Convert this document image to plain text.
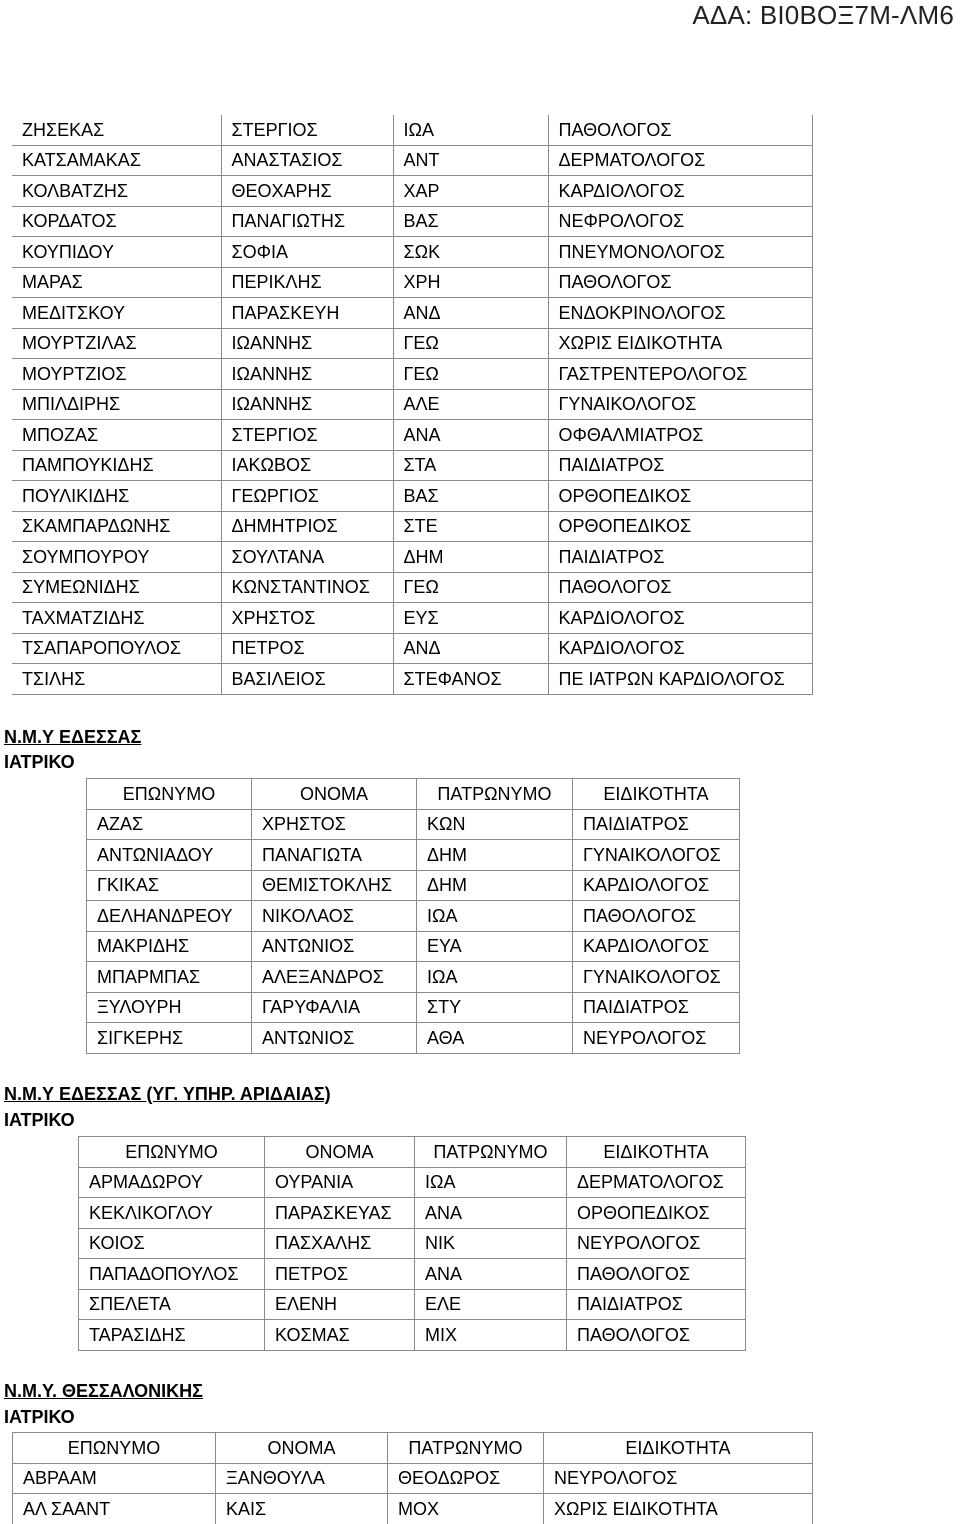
ΑΔΑ: ΒΙ0ΒΟΞ7Μ-ΛΜ6
ΖΗΣΕΚΑΣ	ΣΤΕΡΓΙΟΣ	ΙΩΑ	ΠΑΘΟΛΟΓΟΣ
ΚΑΤΣΑΜΑΚΑΣ	ΑΝΑΣΤΑΣΙΟΣ	ΑΝΤ	ΔΕΡΜΑΤΟΛΟΓΟΣ
ΚΟΛΒΑΤΖΗΣ	ΘΕΟΧΑΡΗΣ	ΧΑΡ	ΚΑΡΔΙΟΛΟΓΟΣ
ΚΟΡΔΑΤΟΣ	ΠΑΝΑΓΙΩΤΗΣ	ΒΑΣ	ΝΕΦΡΟΛΟΓΟΣ
ΚΟΥΠΙΔΟΥ	ΣΟΦΙΑ	ΣΩΚ	ΠΝΕΥΜΟΝΟΛΟΓΟΣ
ΜΑΡΑΣ	ΠΕΡΙΚΛΗΣ	ΧΡΗ	ΠΑΘΟΛΟΓΟΣ
ΜΕΔΙΤΣΚΟΥ	ΠΑΡΑΣΚΕΥΗ	ΑΝΔ	ΕΝΔΟΚΡΙΝΟΛΟΓΟΣ
ΜΟΥΡΤΖΙΛΑΣ	ΙΩΑΝΝΗΣ	ΓΕΩ	ΧΩΡΙΣ ΕΙΔΙΚΟΤΗΤΑ
ΜΟΥΡΤΖΙΟΣ	ΙΩΑΝΝΗΣ	ΓΕΩ	ΓΑΣΤΡΕΝΤΕΡΟΛΟΓΟΣ
ΜΠΙΛΔΙΡΗΣ	ΙΩΑΝΝΗΣ	ΑΛΕ	ΓΥΝΑΙΚΟΛΟΓΟΣ
ΜΠΟΖΑΣ	ΣΤΕΡΓΙΟΣ	ΑΝΑ	ΟΦΘΑΛΜΙΑΤΡΟΣ
ΠΑΜΠΟΥΚΙΔΗΣ	ΙΑΚΩΒΟΣ	ΣΤΑ	ΠΑΙΔΙΑΤΡΟΣ
ΠΟΥΛΙΚΙΔΗΣ	ΓΕΩΡΓΙΟΣ	ΒΑΣ	ΟΡΘΟΠΕΔΙΚΟΣ
ΣΚΑΜΠΑΡΔΩΝΗΣ	ΔΗΜΗΤΡΙΟΣ	ΣΤΕ	ΟΡΘΟΠΕΔΙΚΟΣ
ΣΟΥΜΠΟΥΡΟΥ	ΣΟΥΛΤΑΝΑ	ΔΗΜ	ΠΑΙΔΙΑΤΡΟΣ
ΣΥΜΕΩΝΙΔΗΣ	ΚΩΝΣΤΑΝΤΙΝΟΣ	ΓΕΩ	ΠΑΘΟΛΟΓΟΣ
ΤΑΧΜΑΤΖΙΔΗΣ	ΧΡΗΣΤΟΣ	ΕΥΣ	ΚΑΡΔΙΟΛΟΓΟΣ
ΤΣΑΠΑΡΟΠΟΥΛΟΣ	ΠΕΤΡΟΣ	ΑΝΔ	ΚΑΡΔΙΟΛΟΓΟΣ
ΤΣΙΛΗΣ	ΒΑΣΙΛΕΙΟΣ	ΣΤΕΦΑΝΟΣ	ΠΕ ΙΑΤΡΩΝ ΚΑΡΔΙΟΛΟΓΟΣ
Ν.Μ.Υ ΕΔΕΣΣΑΣ
ΙΑΤΡΙΚΟ
ΕΠΩΝΥΜΟ	ΟΝΟΜΑ	ΠΑΤΡΩΝΥΜΟ	ΕΙΔΙΚΟΤΗΤΑ
ΑΖΑΣ	ΧΡΗΣΤΟΣ	ΚΩΝ	ΠΑΙΔΙΑΤΡΟΣ
ΑΝΤΩΝΙΑΔΟΥ	ΠΑΝΑΓΙΩΤΑ	ΔΗΜ	ΓΥΝΑΙΚΟΛΟΓΟΣ
ΓΚΙΚΑΣ	ΘΕΜΙΣΤΟΚΛΗΣ	ΔΗΜ	ΚΑΡΔΙΟΛΟΓΟΣ
ΔΕΛΗΑΝΔΡΕΟΥ	ΝΙΚΟΛΑΟΣ	ΙΩΑ	ΠΑΘΟΛΟΓΟΣ
ΜΑΚΡΙΔΗΣ	ΑΝΤΩΝΙΟΣ	ΕΥΑ	ΚΑΡΔΙΟΛΟΓΟΣ
ΜΠΑΡΜΠΑΣ	ΑΛΕΞΑΝΔΡΟΣ	ΙΩΑ	ΓΥΝΑΙΚΟΛΟΓΟΣ
ΞΥΛΟΥΡΗ	ΓΑΡΥΦΑΛΙΑ	ΣΤΥ	ΠΑΙΔΙΑΤΡΟΣ
ΣΙΓΚΕΡΗΣ	ΑΝΤΩΝΙΟΣ	ΑΘΑ	ΝΕΥΡΟΛΟΓΟΣ
Ν.Μ.Υ ΕΔΕΣΣΑΣ (ΥΓ. ΥΠΗΡ. ΑΡΙΔΑΙΑΣ)
ΙΑΤΡΙΚΟ
ΕΠΩΝΥΜΟ	ΟΝΟΜΑ	ΠΑΤΡΩΝΥΜΟ	ΕΙΔΙΚΟΤΗΤΑ
ΑΡΜΑΔΩΡΟΥ	ΟΥΡΑΝΙΑ	ΙΩΑ	ΔΕΡΜΑΤΟΛΟΓΟΣ
ΚΕΚΛΙΚΟΓΛΟΥ	ΠΑΡΑΣΚΕΥΑΣ	ΑΝΑ	ΟΡΘΟΠΕΔΙΚΟΣ
ΚΟΙΟΣ	ΠΑΣΧΑΛΗΣ	ΝΙΚ	ΝΕΥΡΟΛΟΓΟΣ
ΠΑΠΑΔΟΠΟΥΛΟΣ	ΠΕΤΡΟΣ	ΑΝΑ	ΠΑΘΟΛΟΓΟΣ
ΣΠΕΛΕΤΑ	ΕΛΕΝΗ	ΕΛΕ	ΠΑΙΔΙΑΤΡΟΣ
ΤΑΡΑΣΙΔΗΣ	ΚΟΣΜΑΣ	ΜΙΧ	ΠΑΘΟΛΟΓΟΣ
Ν.Μ.Υ. ΘΕΣΣΑΛΟΝΙΚΗΣ
ΙΑΤΡΙΚΟ
ΕΠΩΝΥΜΟ	ΟΝΟΜΑ	ΠΑΤΡΩΝΥΜΟ	ΕΙΔΙΚΟΤΗΤΑ
ΑΒΡΑΑΜ	ΞΑΝΘΟΥΛΑ	ΘΕΟΔΩΡΟΣ	ΝΕΥΡΟΛΟΓΟΣ
ΑΛ ΣΑΑΝΤ	ΚΑΙΣ	ΜΟΧ	ΧΩΡΙΣ ΕΙΔΙΚΟΤΗΤΑ
